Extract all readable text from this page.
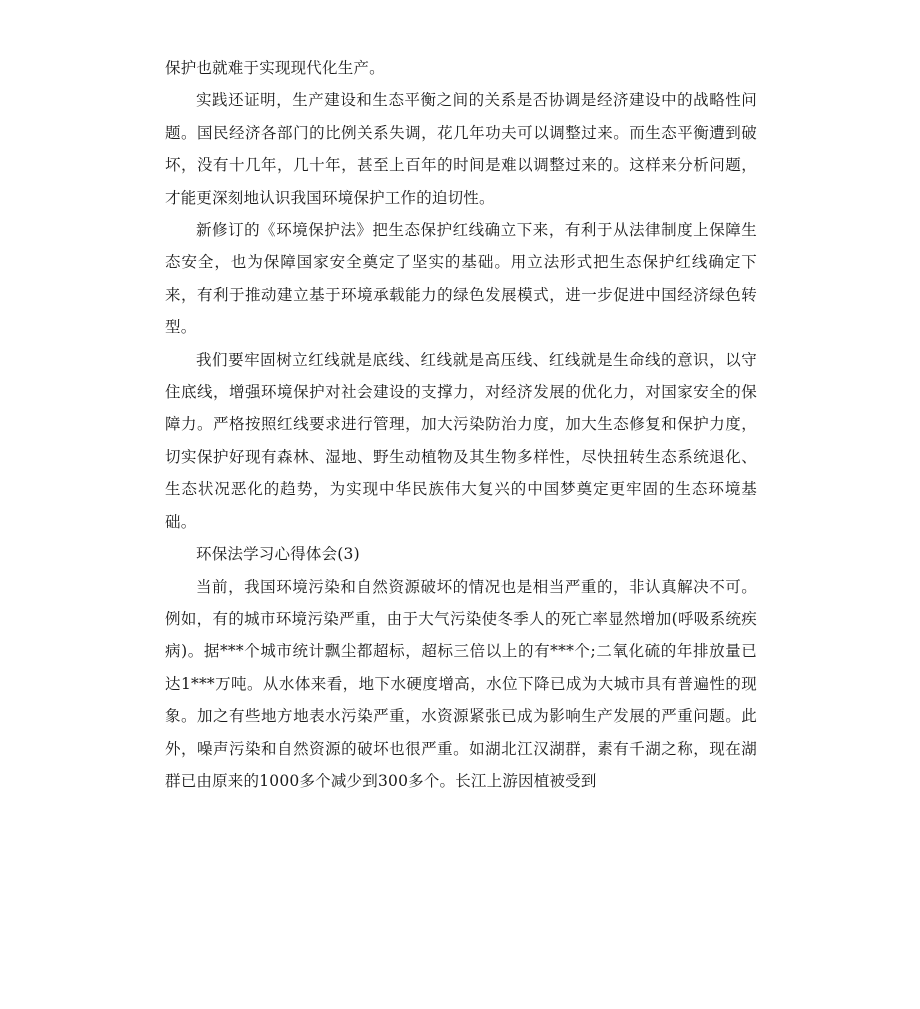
保护也就难于实现现代化生产。

实践还证明，生产建设和生态平衡之间的关系是否协调是经济建设中的战略性问题。国民经济各部门的比例关系失调，花几年功夫可以调整过来。而生态平衡遭到破坏，没有十几年，几十年，甚至上百年的时间是难以调整过来的。这样来分析问题，才能更深刻地认识我国环境保护工作的迫切性。

新修订的《环境保护法》把生态保护红线确立下来，有利于从法律制度上保障生态安全，也为保障国家安全奠定了坚实的基础。用立法形式把生态保护红线确定下来，有利于推动建立基于环境承载能力的绿色发展模式，进一步促进中国经济绿色转型。

我们要牢固树立红线就是底线、红线就是高压线、红线就是生命线的意识，以守住底线，增强环境保护对社会建设的支撑力，对经济发展的优化力，对国家安全的保障力。严格按照红线要求进行管理，加大污染防治力度，加大生态修复和保护力度，切实保护好现有森林、湿地、野生动植物及其生物多样性，尽快扭转生态系统退化、生态状况恶化的趋势，为实现中华民族伟大复兴的中国梦奠定更牢固的生态环境基础。

环保法学习心得体会(3)

当前，我国环境污染和自然资源破坏的情况也是相当严重的，非认真解决不可。例如，有的城市环境污染严重，由于大气污染使冬季人的死亡率显然增加(呼吸系统疾病)。据***个城市统计飘尘都超标，超标三倍以上的有***个;二氧化硫的年排放量已达1***万吨。从水体来看，地下水硬度增高，水位下降已成为大城市具有普遍性的现象。加之有些地方地表水污染严重，水资源紧张已成为影响生产发展的严重问题。此外，噪声污染和自然资源的破坏也很严重。如湖北江汉湖群，素有千湖之称，现在湖群已由原来的1000多个减少到300多个。长江上游因植被受到
